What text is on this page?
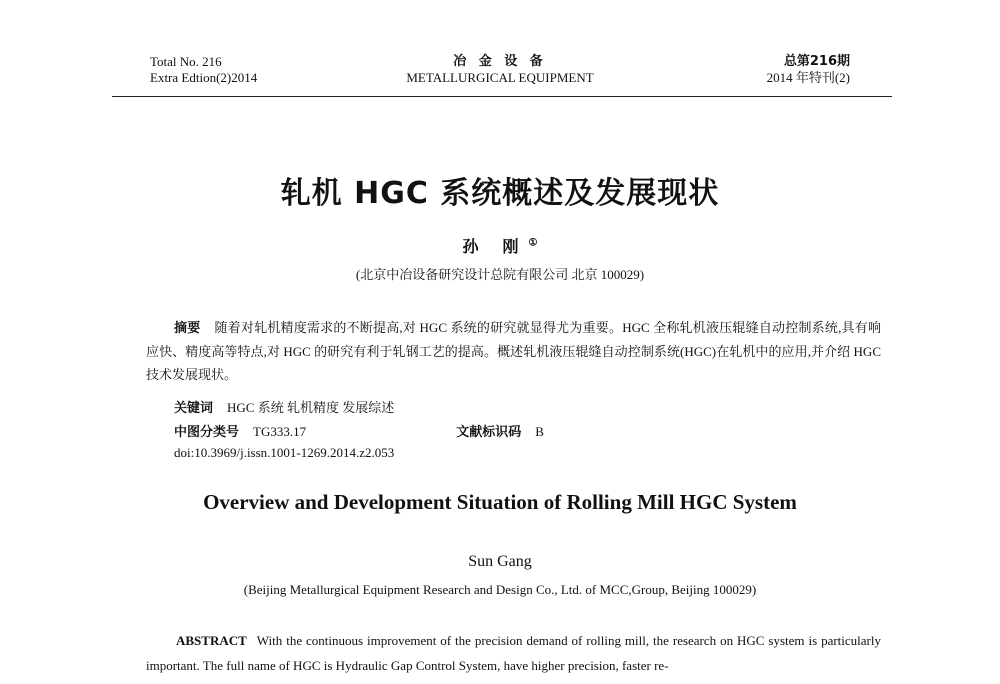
Total No. 216
Extra Edtion(2)2014
冶 金 设 备
METALLURGICAL EQUIPMENT
总第216期
2014 年特刊(2)
轧机 HGC 系统概述及发展现状
孙 刚①
(北京中冶设备研究设计总院有限公司 北京 100029)
摘要 随着对轧机精度需求的不断提高,对 HGC 系统的研究就显得尤为重要。HGC 全称轧机液压辊缝自动控制系统,具有响应快、精度高等特点,对 HGC 的研究有利于轧钢工艺的提高。概述轧机液压辊缝自动控制系统(HGC)在轧机中的应用,并介绍 HGC 技术发展现状。
关键词 HGC 系统 轧机精度 发展综述
中图分类号 TG333.17	文献标识码 B
doi:10.3969/j.issn.1001-1269.2014.z2.053
Overview and Development Situation of Rolling Mill HGC System
Sun Gang
(Beijing Metallurgical Equipment Research and Design Co., Ltd. of MCC,Group, Beijing 100029)
ABSTRACT With the continuous improvement of the precision demand of rolling mill, the research on HGC system is particularly important. The full name of HGC is Hydraulic Gap Control System, have higher precision, faster re-
